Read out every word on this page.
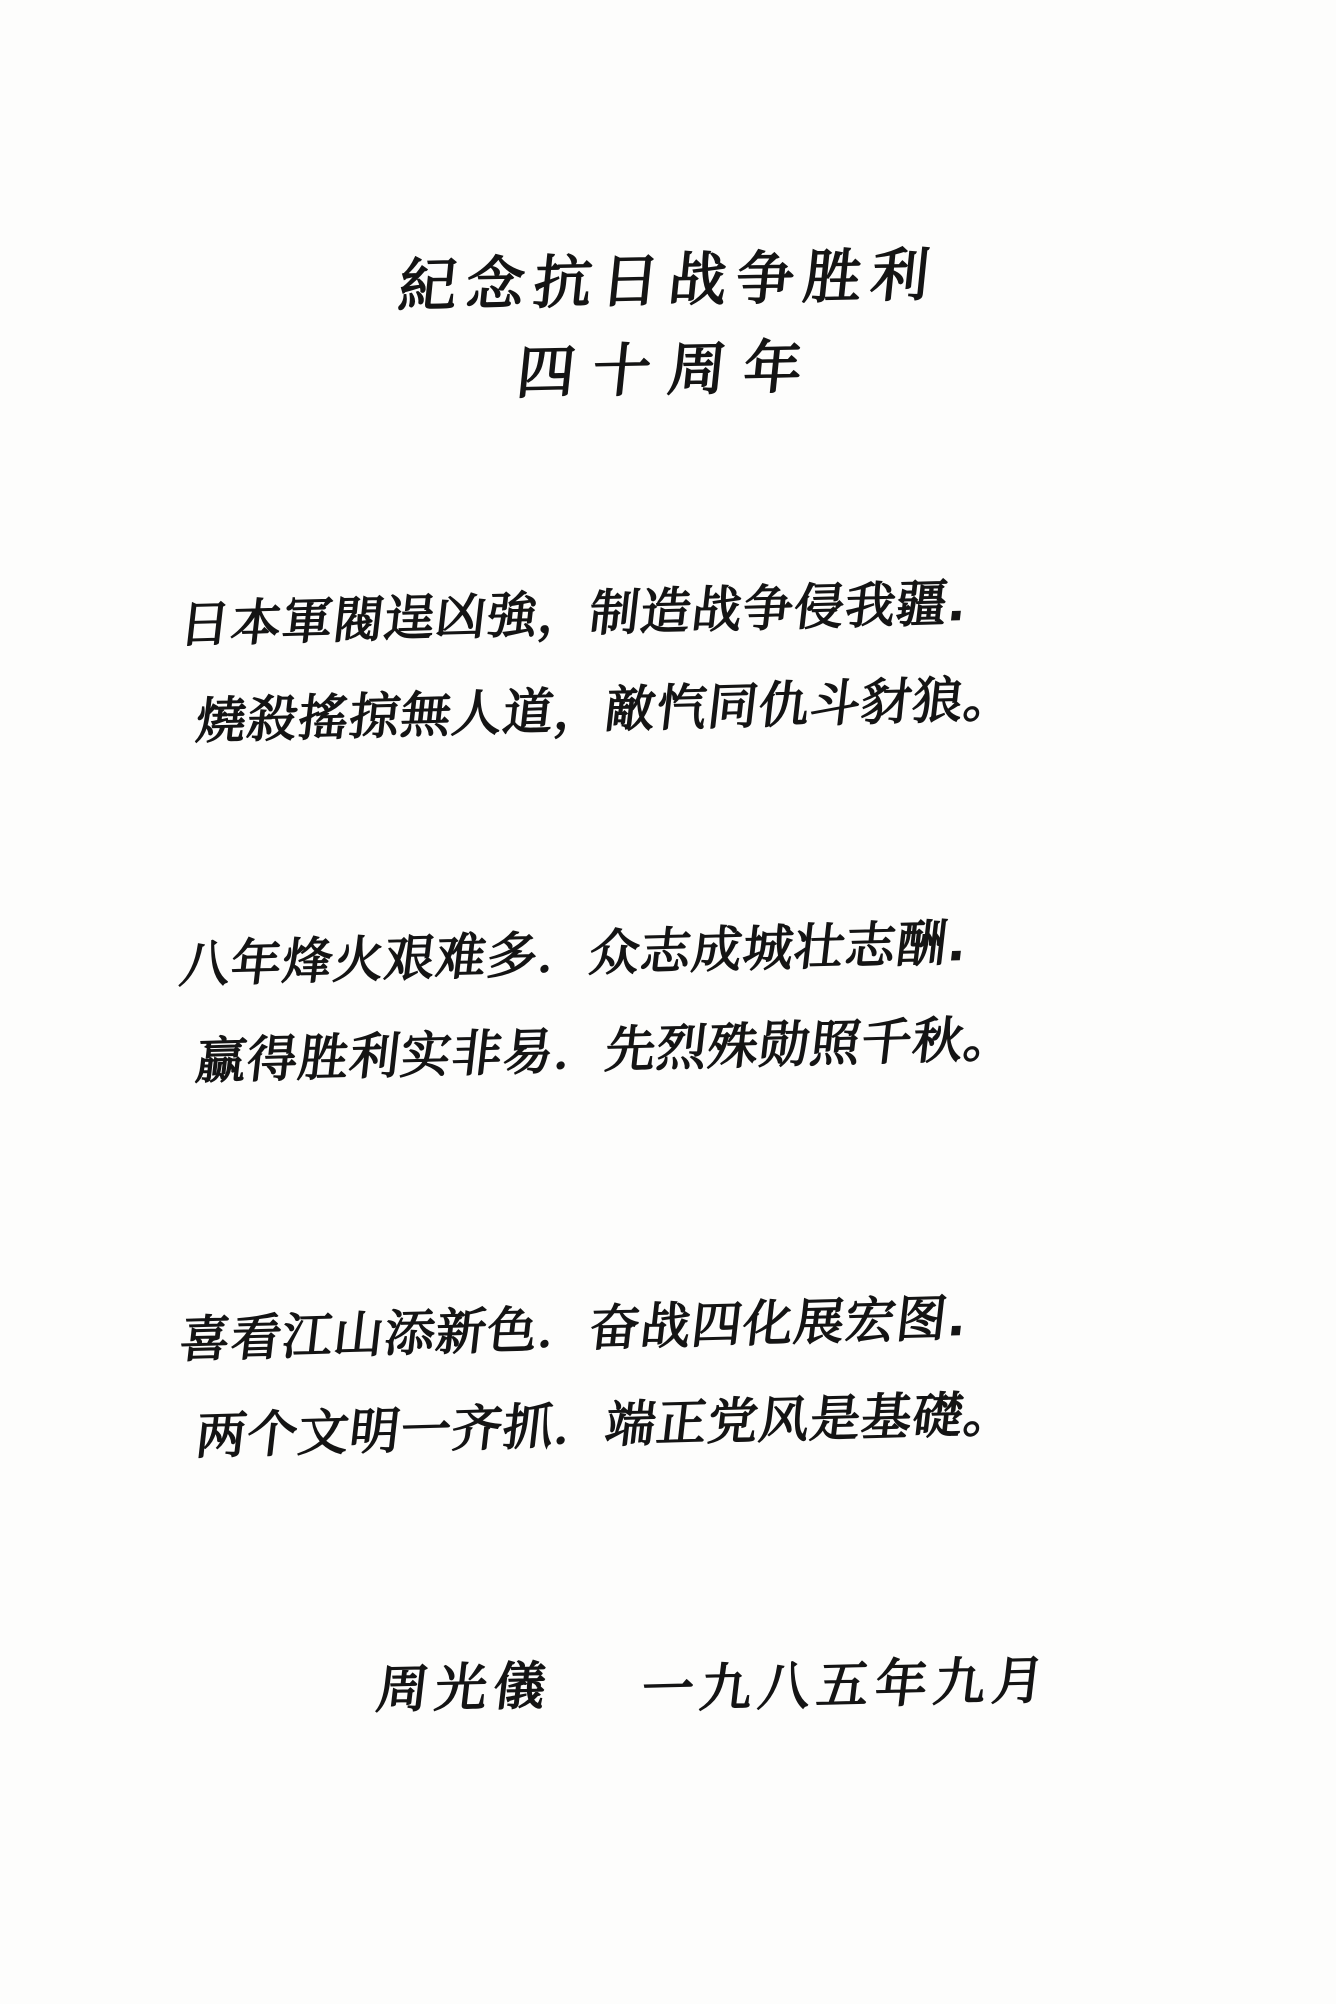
紀念抗日战争胜利
四十周年
日本軍閥逞凶強，制造战争侵我疆.
燒殺搖掠無人道，敵忾同仇斗豺狼。
八年烽火艰难多．众志成城壮志酬.
赢得胜利实非易．先烈殊勋照千秋。
喜看江山添新色．奋战四化展宏图.
两个文明一齐抓．端正党风是基礎。
周光儀 一九八五年九月
